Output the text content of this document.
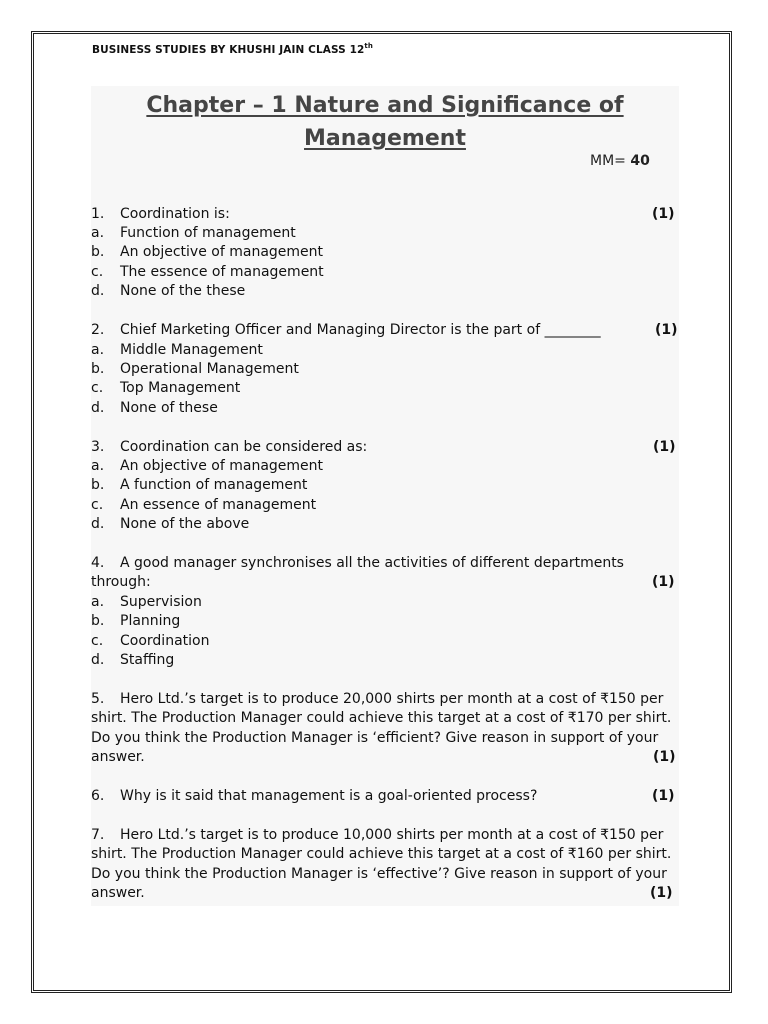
BUSINESS STUDIES BY KHUSHI JAIN CLASS 12th
Chapter – 1 Nature and Significance of
Management
MM= 40
1. Coordination is:	(1)
a. Function of management
b. An objective of management
c. The essence of management
d. None of the these
2. Chief Marketing Officer and Managing Director is the part of ________	(1)
a. Middle Management
b. Operational Management
c. Top Management
d. None of these
3. Coordination can be considered as:	(1)
a. An objective of management
b. A function of management
c. An essence of management
d. None of the above
4. A good manager synchronises all the activities of different departments
through:	(1)
a. Supervision
b. Planning
c. Coordination
d. Staffing
5. Hero Ltd.’s target is to produce 20,000 shirts per month at a cost of ₹150 per
shirt. The Production Manager could achieve this target at a cost of ₹170 per shirt.
Do you think the Production Manager is ‘efficient? Give reason in support of your
answer.	(1)
6. Why is it said that management is a goal-oriented process?	(1)
7. Hero Ltd.’s target is to produce 10,000 shirts per month at a cost of ₹150 per
shirt. The Production Manager could achieve this target at a cost of ₹160 per shirt.
Do you think the Production Manager is ‘effective’? Give reason in support of your
answer.	(1)
